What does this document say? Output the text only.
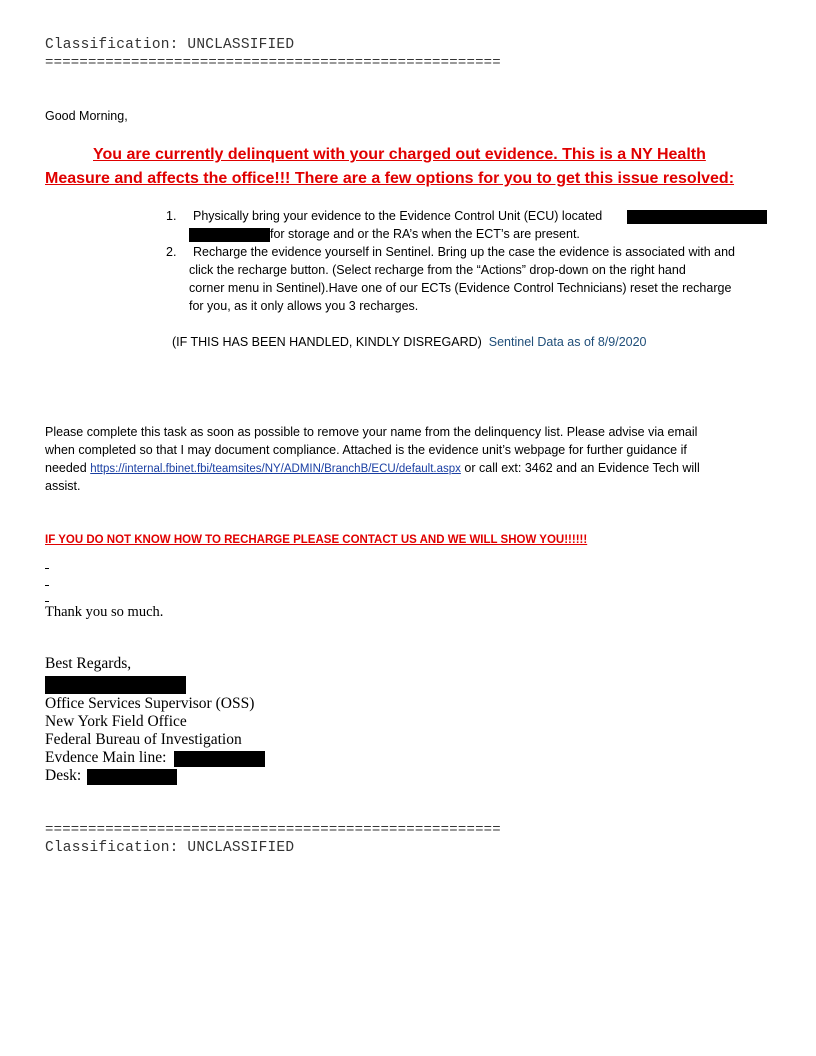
Classification: UNCLASSIFIED
=====================================================
Good Morning,
You are currently delinquent with your charged out evidence. This is a NY Health
Measure and affects the office!!! There are a few options for you to get this issue resolved:
1. Physically bring your evidence to the Evidence Control Unit (ECU) located
for storage and or the RA’s when the ECT’s are present.
2. Recharge the evidence yourself in Sentinel. Bring up the case the evidence is associated with and
click the recharge button. (Select recharge from the “Actions” drop-down on the right hand
corner menu in Sentinel).Have one of our ECTs (Evidence Control Technicians) reset the recharge
for you, as it only allows you 3 recharges.
(IF THIS HAS BEEN HANDLED, KINDLY DISREGARD) Sentinel Data as of 8/9/2020
Please complete this task as soon as possible to remove your name from the delinquency list. Please advise via email
when completed so that I may document compliance. Attached is the evidence unit’s webpage for further guidance if
needed https://internal.fbinet.fbi/teamsites/NY/ADMIN/BranchB/ECU/default.aspx or call ext: 3462 and an Evidence Tech will
assist.
IF YOU DO NOT KNOW HOW TO RECHARGE PLEASE CONTACT US AND WE WILL SHOW YOU!!!!!!
Thank you so much.
Best Regards,
Office Services Supervisor (OSS)
New York Field Office
Federal Bureau of Investigation
Evdence Main line:
Desk:
=====================================================
Classification: UNCLASSIFIED
